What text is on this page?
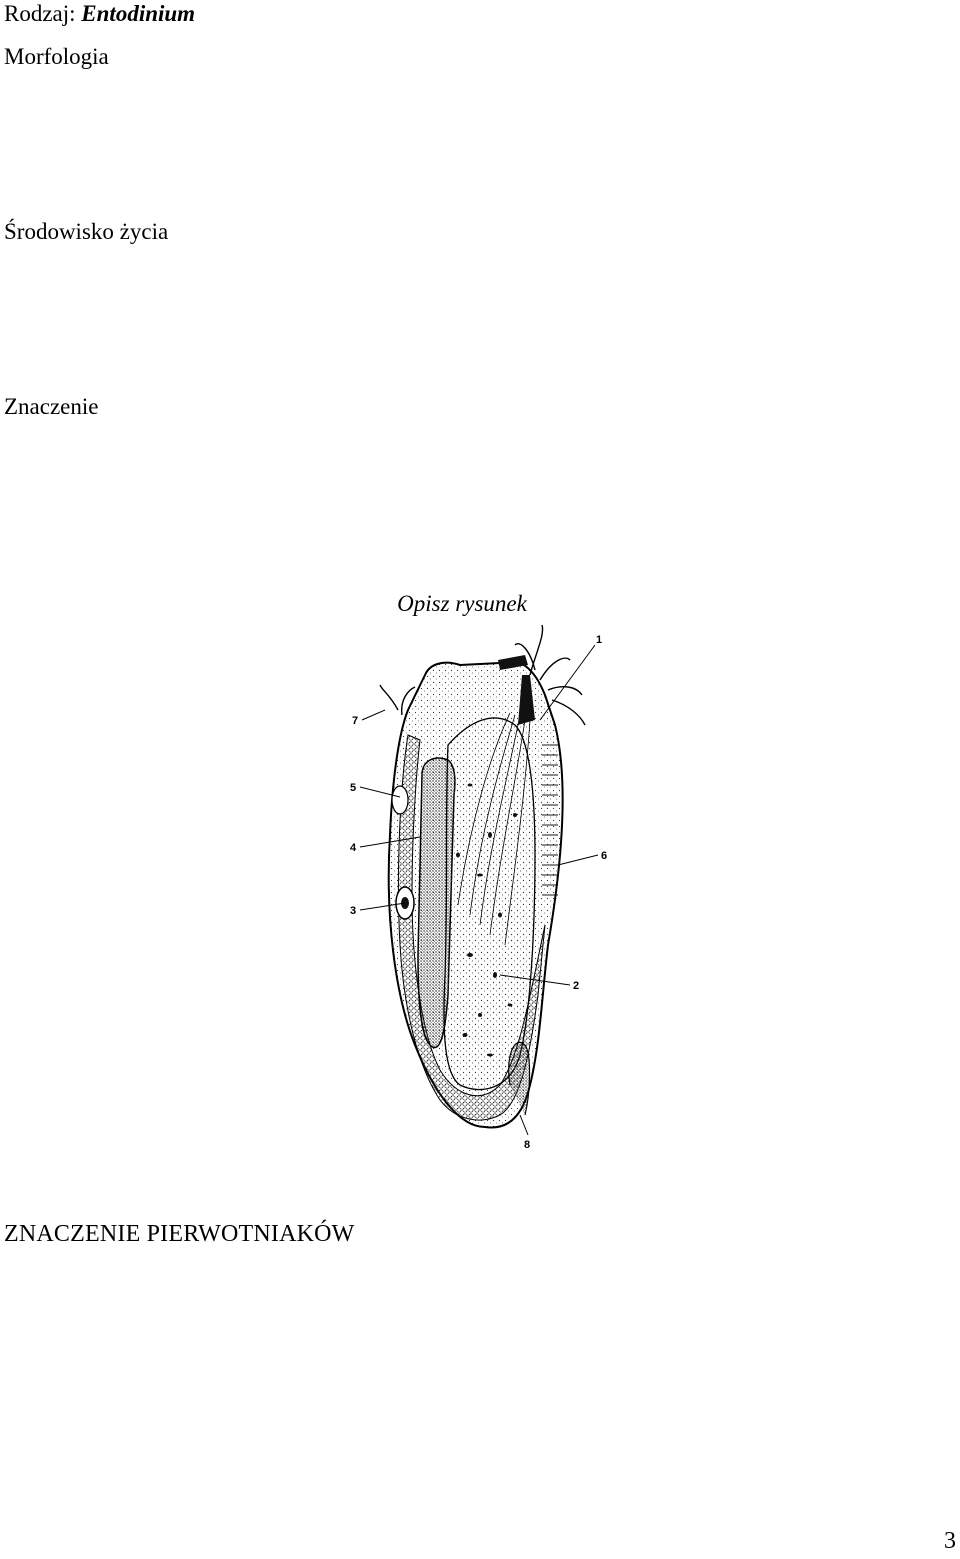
Rodzaj: Entodinium

Morfologia

Środowisko życia

Znaczenie

Opisz rysunek

1
2
3
4
5
6
7
8
ZNACZENIE PIERWOTNIAKÓW
3
